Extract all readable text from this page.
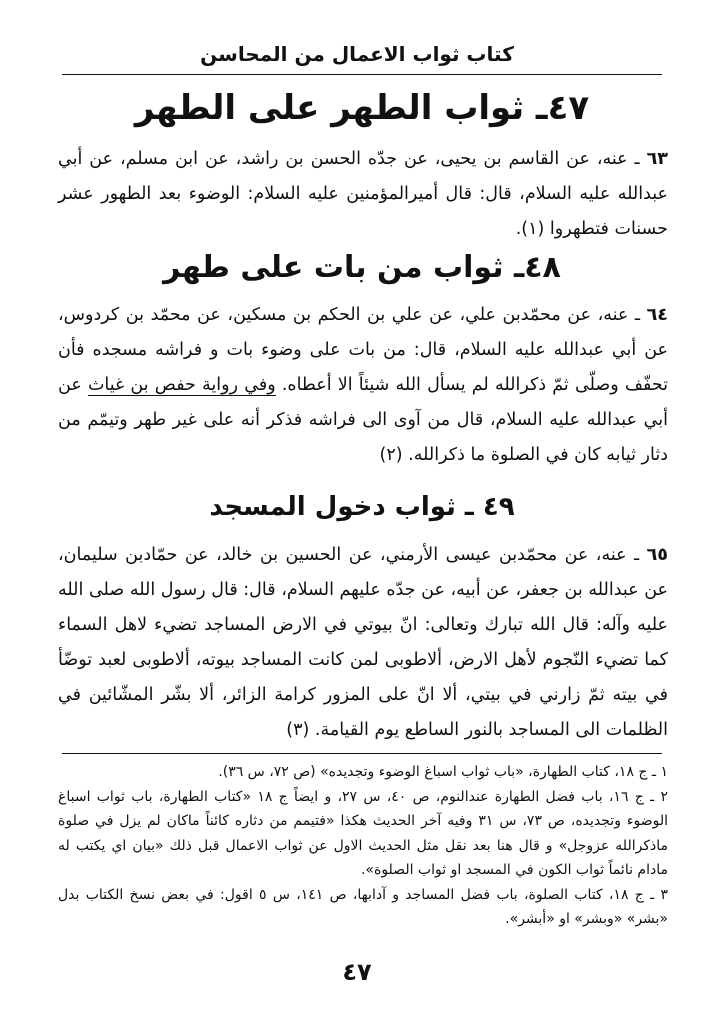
كتاب ثواب الاعمال من المحاسن
٤٧ـ ثواب الطهر على الطهر
٦٣ ـ عنه، عن القاسم بن يحيى، عن جدّه الحسن بن راشد، عن ابن مسلم، عن أبي عبدالله عليه السلام، قال: قال أميرالمؤمنين عليه السلام: الوضوء بعد الطهور عشر حسنات فتطهروا (١).
٤٨ـ ثواب من بات على طهر
٦٤ ـ عنه، عن محمّدبن علي، عن علي بن الحكم بن مسكين، عن محمّد بن كردوس، عن أبي عبدالله عليه السلام، قال: من بات على وضوء بات و فراشه مسجده فأن تحفّف وصلّى ثمّ ذكرالله لم يسأل الله شيئاً الا أعطاه. وفي رواية حفص بن غياث عن أبي عبدالله عليه السلام، قال من آوى الى فراشه فذكر أنه على غير طهر وتيمّم من دثار ثيابه كان في الصلوة ما ذكرالله. (٢)
٤٩ ـ ثواب دخول المسجد
٦٥ ـ عنه، عن محمّدبن عيسى الأرمني، عن الحسين بن خالد، عن حمّادبن سليمان، عن عبدالله بن جعفر، عن أبيه، عن جدّه عليهم السلام، قال: قال رسول الله صلى الله عليه وآله: قال الله تبارك وتعالى: انّ بيوتي في الارض المساجد تضيء لاهل السماء كما تضيء النّجوم لأهل الارض، ألاطوبى لمن كانت المساجد بيوته، ألاطوبى لعبد توضّأ في بيته ثمّ زارني في بيتي، ألا انّ على المزور كرامة الزائر، ألا بشّر المشّائين في الظلمات الى المساجد بالنور الساطع يوم القيامة. (٣)
١ ـ ج ١٨، كتاب الطهارة، «باب ثواب اسباغ الوضوء وتجديده» (ص ٧٢، س ٣٦).
٢ ـ ج ١٦، باب فضل الطهارة عندالنوم، ص ٤٠، س ٢٧، و ايضاً ج ١٨ «كتاب الطهارة، باب ثواب اسباغ الوضوء وتجديده، ص ٧٣، س ٣١ وفيه آخر الحديث هكذا «فتيمم من دثاره كائناً ماكان لم يزل في صلوة ماذكرالله عزوجل» و قال هنا بعد نقل مثل الحديث الاول عن ثواب الاعمال قبل ذلك «بيان اي يكتب له مادام نائماً ثواب الكون في المسجد او ثواب الصلوة».
٣ ـ ج ١٨، كتاب الصلوة، باب فضل المساجد و آدابها، ص ١٤١، س ٥ اقول: في بعض نسخ الكتاب بدل «بشر» «وبشر» او «أبشر».
٤٧
